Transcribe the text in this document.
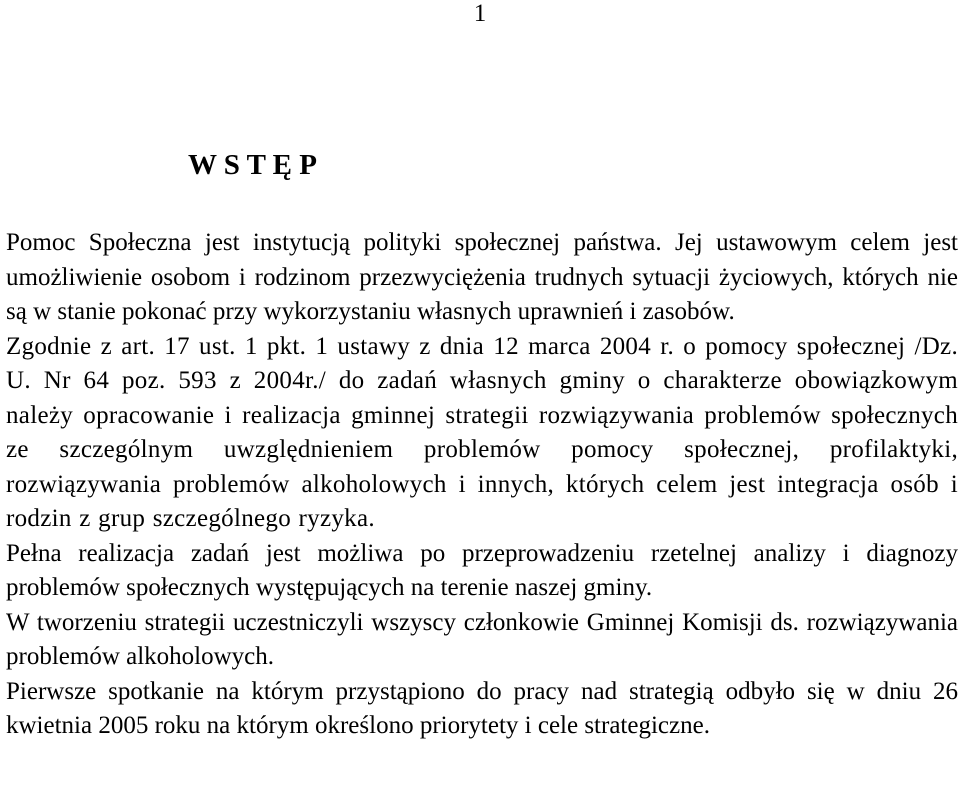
1
W S T Ę P

Pomoc Społeczna jest instytucją polityki społecznej państwa. Jej ustawowym celem jest umożliwienie osobom i rodzinom przezwyciężenia trudnych sytuacji życiowych, których nie są w stanie pokonać przy wykorzystaniu własnych uprawnień i zasobów.

Zgodnie z art. 17 ust. 1 pkt. 1 ustawy z dnia 12 marca 2004 r. o pomocy społecznej /Dz. U. Nr 64 poz. 593 z 2004r./ do zadań własnych gminy o charakterze obowiązkowym należy opracowanie i realizacja gminnej strategii rozwiązywania problemów społecznych ze szczególnym uwzględnieniem problemów pomocy społecznej, profilaktyki, rozwiązywania problemów alkoholowych i innych, których celem jest integracja osób i rodzin z grup szczególnego ryzyka.

Pełna realizacja zadań jest możliwa po przeprowadzeniu rzetelnej analizy i diagnozy problemów społecznych występujących na terenie naszej gminy.

W tworzeniu strategii uczestniczyli wszyscy członkowie Gminnej Komisji ds. rozwiązywania problemów alkoholowych.

Pierwsze spotkanie na którym przystąpiono do pracy nad strategią odbyło się w dniu 26 kwietnia 2005 roku na którym określono priorytety i cele strategiczne.
